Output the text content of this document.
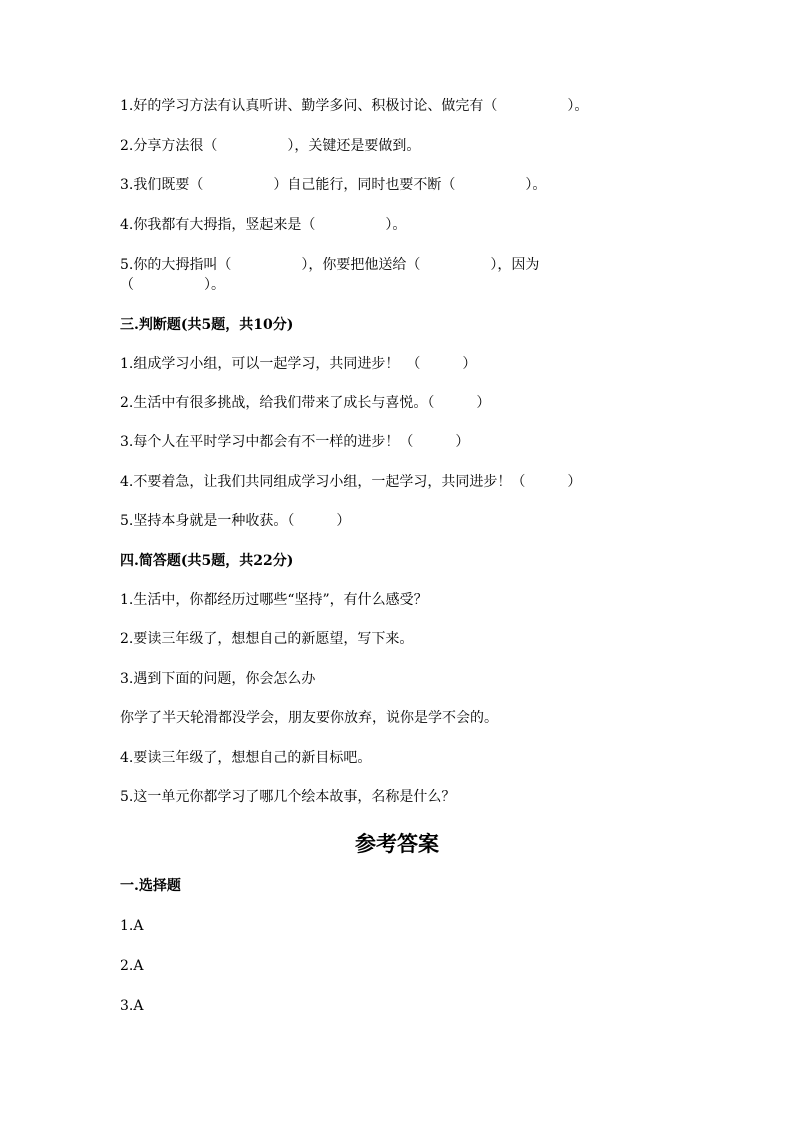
1.好的学习方法有认真听讲、勤学多问、积极讨论、做完有（　　　　　）。
2.分享方法很（　　　　　），关键还是要做到。
3.我们既要（　　　　　）自己能行，同时也要不断（　　　　　）。
4.你我都有大拇指，竖起来是（　　　　　）。
5.你的大拇指叫（　　　　　），你要把他送给（　　　　　），因为
（　　　　　）。
三.判断题(共5题，共10分)
1.组成学习小组，可以一起学习，共同进步！　（　　　）
2.生活中有很多挑战，给我们带来了成长与喜悦。（　　　）
3.每个人在平时学习中都会有不一样的进步！（　　　）
4.不要着急，让我们共同组成学习小组，一起学习，共同进步！（　　　）
5.坚持本身就是一种收获。（　　　）
四.简答题(共5题，共22分)
1.生活中，你都经历过哪些“坚持”，有什么感受？
2.要读三年级了，想想自己的新愿望，写下来。
3.遇到下面的问题，你会怎么办
你学了半天轮滑都没学会，朋友要你放弃，说你是学不会的。
4.要读三年级了，想想自己的新目标吧。
5.这一单元你都学习了哪几个绘本故事，名称是什么？
参考答案
一.选择题
1.A
2.A
3.A
